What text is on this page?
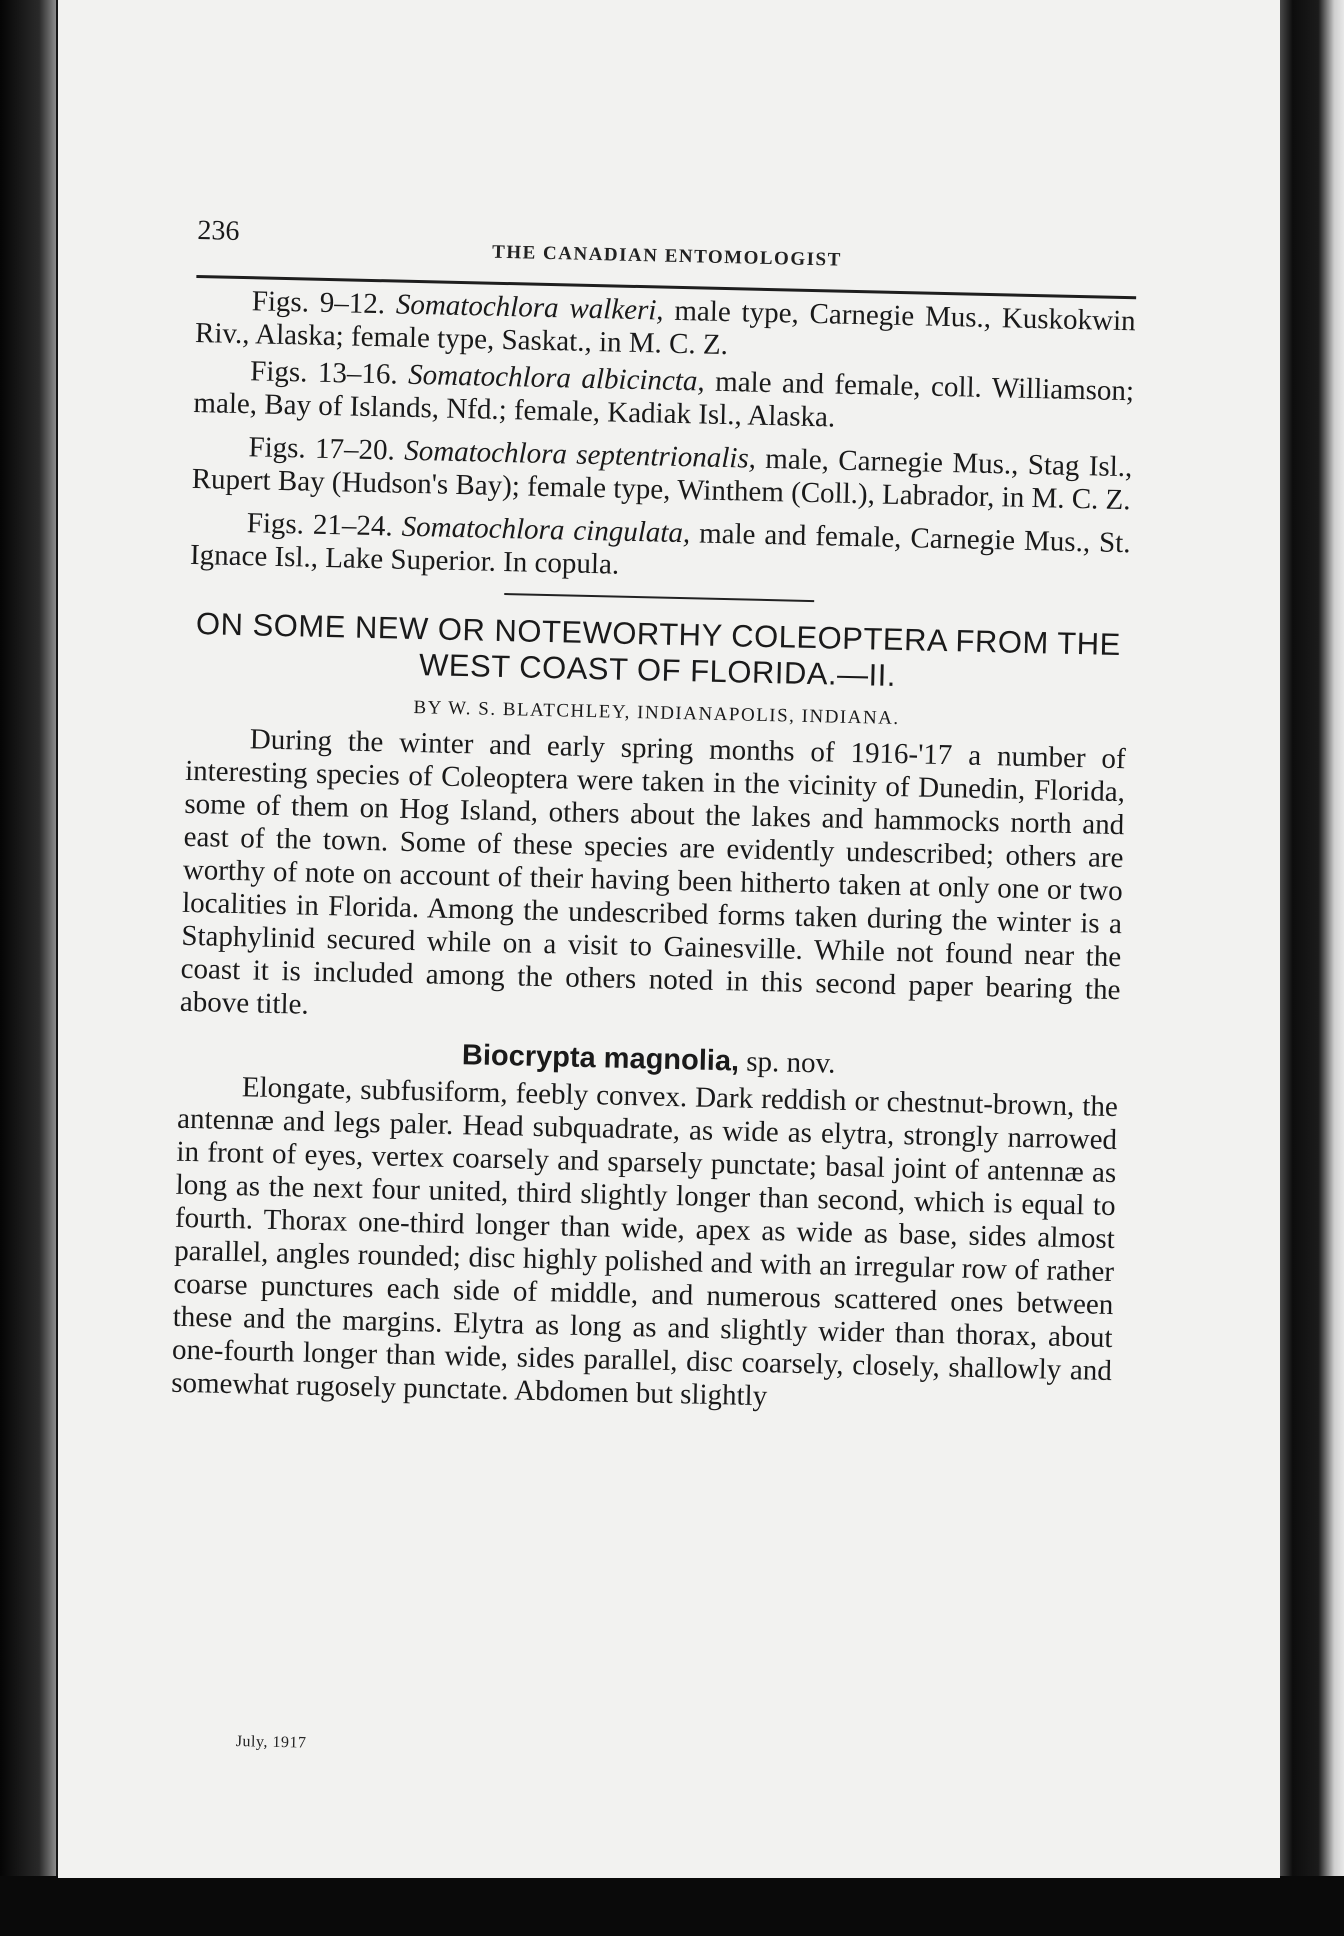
236
THE CANADIAN ENTOMOLOGIST

Figs. 9–12. Somatochlora walkeri, male type, Carnegie Mus., Kuskokwin Riv., Alaska; female type, Saskat., in M. C. Z.

Figs. 13–16. Somatochlora albicincta, male and female, coll. Williamson; male, Bay of Islands, Nfd.; female, Kadiak Isl., Alaska.

Figs. 17–20. Somatochlora septentrionalis, male, Carnegie Mus., Stag Isl., Rupert Bay (Hudson's Bay); female type, Winthem (Coll.), Labrador, in M. C. Z.

Figs. 21–24. Somatochlora cingulata, male and female, Carnegie Mus., St. Ignace Isl., Lake Superior. In copula.

ON SOME NEW OR NOTEWORTHY COLEOPTERA FROM THE WEST COAST OF FLORIDA.—II.
BY W. S. BLATCHLEY, INDIANAPOLIS, INDIANA.

During the winter and early spring months of 1916-'17 a number of interesting species of Coleoptera were taken in the vicinity of Dunedin, Florida, some of them on Hog Island, others about the lakes and hammocks north and east of the town. Some of these species are evidently undescribed; others are worthy of note on account of their having been hitherto taken at only one or two localities in Florida. Among the undescribed forms taken during the winter is a Staphylinid secured while on a visit to Gainesville. While not found near the coast it is included among the others noted in this second paper bearing the above title.

Biocrypta magnolia, sp. nov.

Elongate, subfusiform, feebly convex. Dark reddish or chestnut-brown, the antennæ and legs paler. Head subquadrate, as wide as elytra, strongly narrowed in front of eyes, vertex coarsely and sparsely punctate; basal joint of antennæ as long as the next four united, third slightly longer than second, which is equal to fourth. Thorax one-third longer than wide, apex as wide as base, sides almost parallel, angles rounded; disc highly polished and with an irregular row of rather coarse punctures each side of middle, and numerous scattered ones between these and the margins. Elytra as long as and slightly wider than thorax, about one-fourth longer than wide, sides parallel, disc coarsely, closely, shallowly and somewhat rugosely punctate. Abdomen but slightly

July, 1917
